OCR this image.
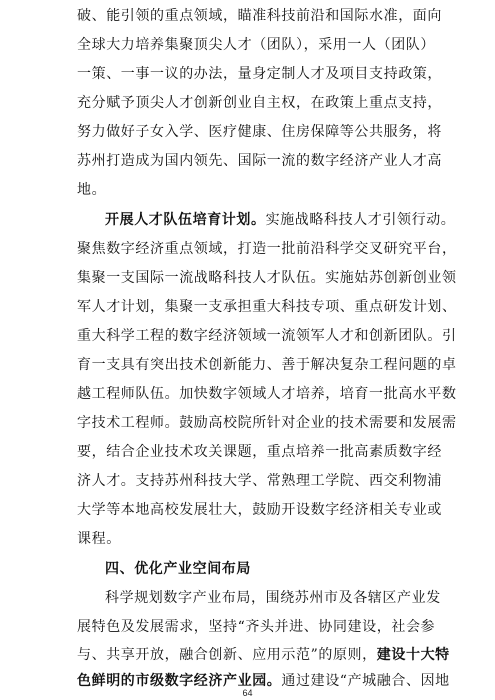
破、能引领的重点领域，瞄准科技前沿和国际水准，面向
全球大力培养集聚顶尖人才（团队），采用一人（团队）
一策、一事一议的办法，量身定制人才及项目支持政策，
充分赋予顶尖人才创新创业自主权，在政策上重点支持，
努力做好子女入学、医疗健康、住房保障等公共服务，将
苏州打造成为国内领先、国际一流的数字经济产业人才高
地。
开展人才队伍培育计划。实施战略科技人才引领行动。
聚焦数字经济重点领域，打造一批前沿科学交叉研究平台，
集聚一支国际一流战略科技人才队伍。实施姑苏创新创业领
军人才计划，集聚一支承担重大科技专项、重点研发计划、
重大科学工程的数字经济领域一流领军人才和创新团队。引
育一支具有突出技术创新能力、善于解决复杂工程问题的卓
越工程师队伍。加快数字领域人才培养，培育一批高水平数
字技术工程师。鼓励高校院所针对企业的技术需要和发展需
要，结合企业技术攻关课题，重点培养一批高素质数字经
济人才。支持苏州科技大学、常熟理工学院、西交利物浦
大学等本地高校发展壮大，鼓励开设数字经济相关专业或
课程。
四、优化产业空间布局
科学规划数字产业布局，围绕苏州市及各辖区产业发
展特色及发展需求，坚持“齐头并进、协同建设，社会参
与、共享开放，融合创新、应用示范”的原则，建设十大特
色鲜明的市级数字经济产业园。通过建设“产城融合、因地
64
